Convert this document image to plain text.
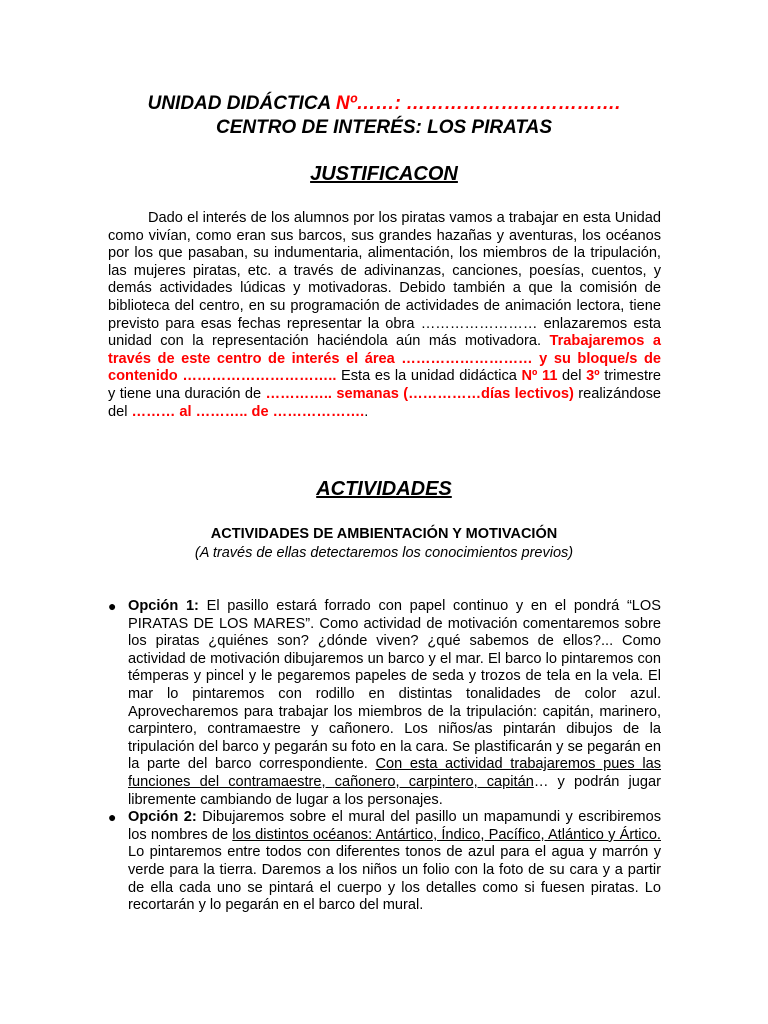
UNIDAD DIDÁCTICA Nº……: …………………………….
CENTRO DE INTERÉS: LOS PIRATAS
JUSTIFICACON
Dado el interés de los alumnos por los piratas vamos a trabajar en esta Unidad como vivían, como eran sus barcos, sus grandes hazañas y aventuras, los océanos por los que pasaban, su indumentaria, alimentación, los miembros de la tripulación, las mujeres piratas, etc. a través de adivinanzas, canciones, poesías, cuentos, y demás actividades lúdicas y motivadoras. Debido también a que la comisión de biblioteca del centro, en su programación de actividades de animación lectora, tiene previsto para esas fechas representar la obra …………………… enlazaremos esta unidad con la representación haciéndola aún más motivadora. Trabajaremos a través de este centro de interés el área ……………………… y su bloque/s de contenido ………………………….. Esta es la unidad didáctica Nº 11 del 3º trimestre y tiene una duración de ………….. semanas (……………días lectivos) realizándose del ……… al ……….. de ………………..
ACTIVIDADES
ACTIVIDADES DE AMBIENTACIÓN Y MOTIVACIÓN
(A través de ellas detectaremos los conocimientos previos)
● Opción 1: El pasillo estará forrado con papel continuo y en el pondrá “LOS PIRATAS DE LOS MARES”. Como actividad de motivación comentaremos sobre los piratas ¿quiénes son? ¿dónde viven? ¿qué sabemos de ellos?... Como actividad de motivación dibujaremos un barco y el mar. El barco lo pintaremos con témperas y pincel y le pegaremos papeles de seda y trozos de tela en la vela. El mar lo pintaremos con rodillo en distintas tonalidades de color azul. Aprovecharemos para trabajar los miembros de la tripulación: capitán, marinero, carpintero, contramaestre y cañonero. Los niños/as pintarán dibujos de la tripulación del barco y pegarán su foto en la cara. Se plastificarán y se pegarán en la parte del barco correspondiente. Con esta actividad trabajaremos pues las funciones del contramaestre, cañonero, carpintero, capitán… y podrán jugar libremente cambiando de lugar a los personajes.
● Opción 2: Dibujaremos sobre el mural del pasillo un mapamundi y escribiremos los nombres de los distintos océanos: Antártico, Índico, Pacífico, Atlántico y Ártico. Lo pintaremos entre todos con diferentes tonos de azul para el agua y marrón y verde para la tierra. Daremos a los niños un folio con la foto de su cara y a partir de ella cada uno se pintará el cuerpo y los detalles como si fuesen piratas. Lo recortarán y lo pegarán en el barco del mural.
